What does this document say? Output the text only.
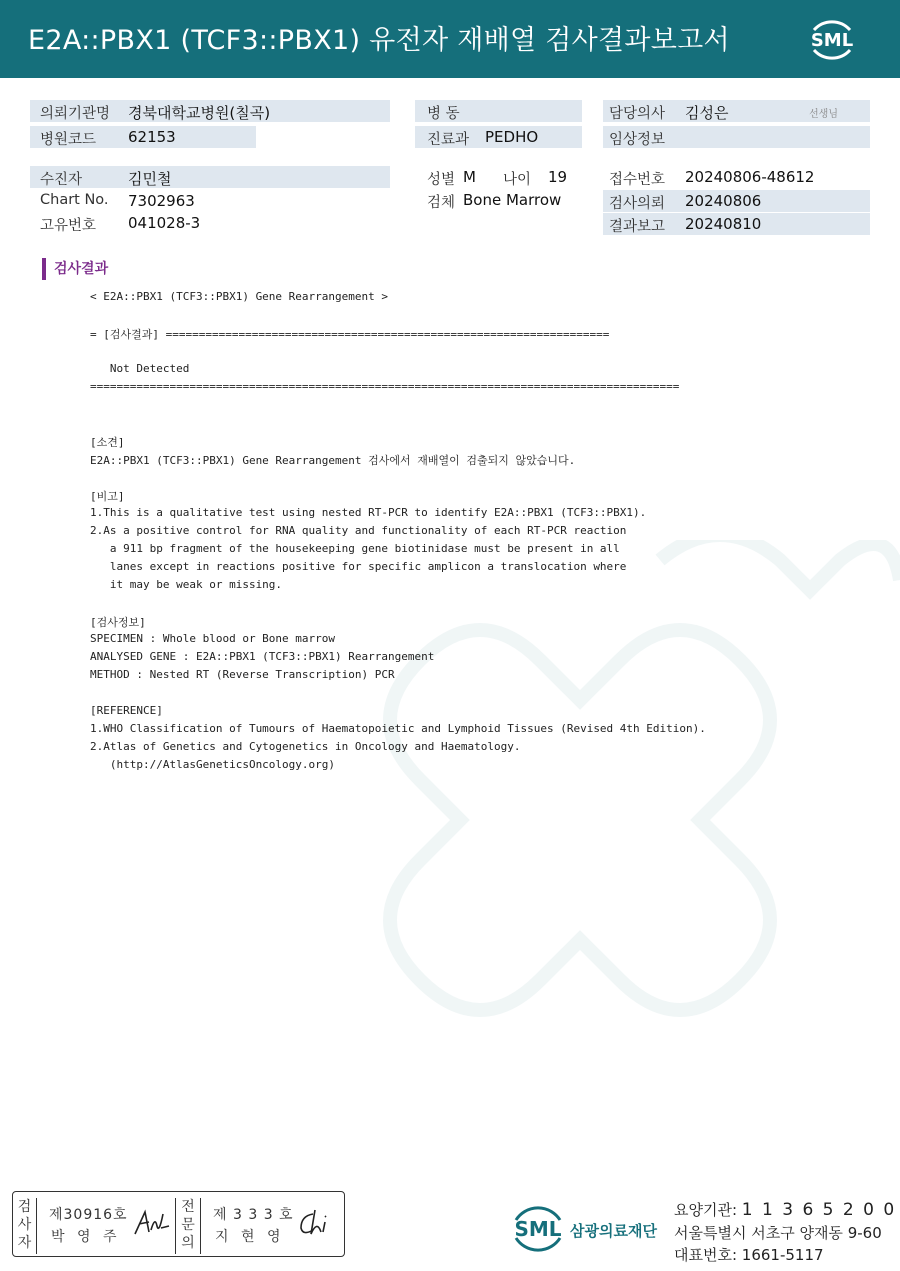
E2A::PBX1 (TCF3::PBX1) 유전자 재배열 검사결과보고서	SML
의뢰기관명 경북대학교병원(칠곡)	병 동	담당의사 김성은	선생님
병원코드 62153	진료과 PEDHO	임상정보
수진자	김민철
Chart No. 7302963
고유번호 041028-3
성별 M 나이 19
검체 Bone Marrow
접수번호 20240806-48612
검사의뢰 20240806
결과보고 20240810
검사결과
< E2A::PBX1 (TCF3::PBX1) Gene Rearrangement >
= [검사결과] ===================================================================
Not Detected
=========================================================================================
[소견]
E2A::PBX1 (TCF3::PBX1) Gene Rearrangement 검사에서 재배열이 검출되지 않았습니다.
[비고]
1.This is a qualitative test using nested RT-PCR to identify E2A::PBX1 (TCF3::PBX1).
2.As a positive control for RNA quality and functionality of each RT-PCR reaction
a 911 bp fragment of the housekeeping gene biotinidase must be present in all
lanes except in reactions positive for specific amplicon a translocation where
it may be weak or missing.
[검사정보]
SPECIMEN : Whole blood or Bone marrow
ANALYSED GENE : E2A::PBX1 (TCF3::PBX1) Rearrangement
METHOD : Nested RT (Reverse Transcription) PCR
[REFERENCE]
1.WHO Classification of Tumours of Haematopoietic and Lymphoid Tissues (Revised 4th Edition).
2.Atlas of Genetics and Cytogenetics in Oncology and Haematology.
(http://AtlasGeneticsOncology.org)
검
사
자
제30916호
박 영 주
전
문
의
제 3 3 3 호
지 현 영	SML 삼광의료재단
요양기관: 1 1 3 6 5 2 0 0
서울특별시 서초구 양재동 9-60
대표번호: 1661-5117
